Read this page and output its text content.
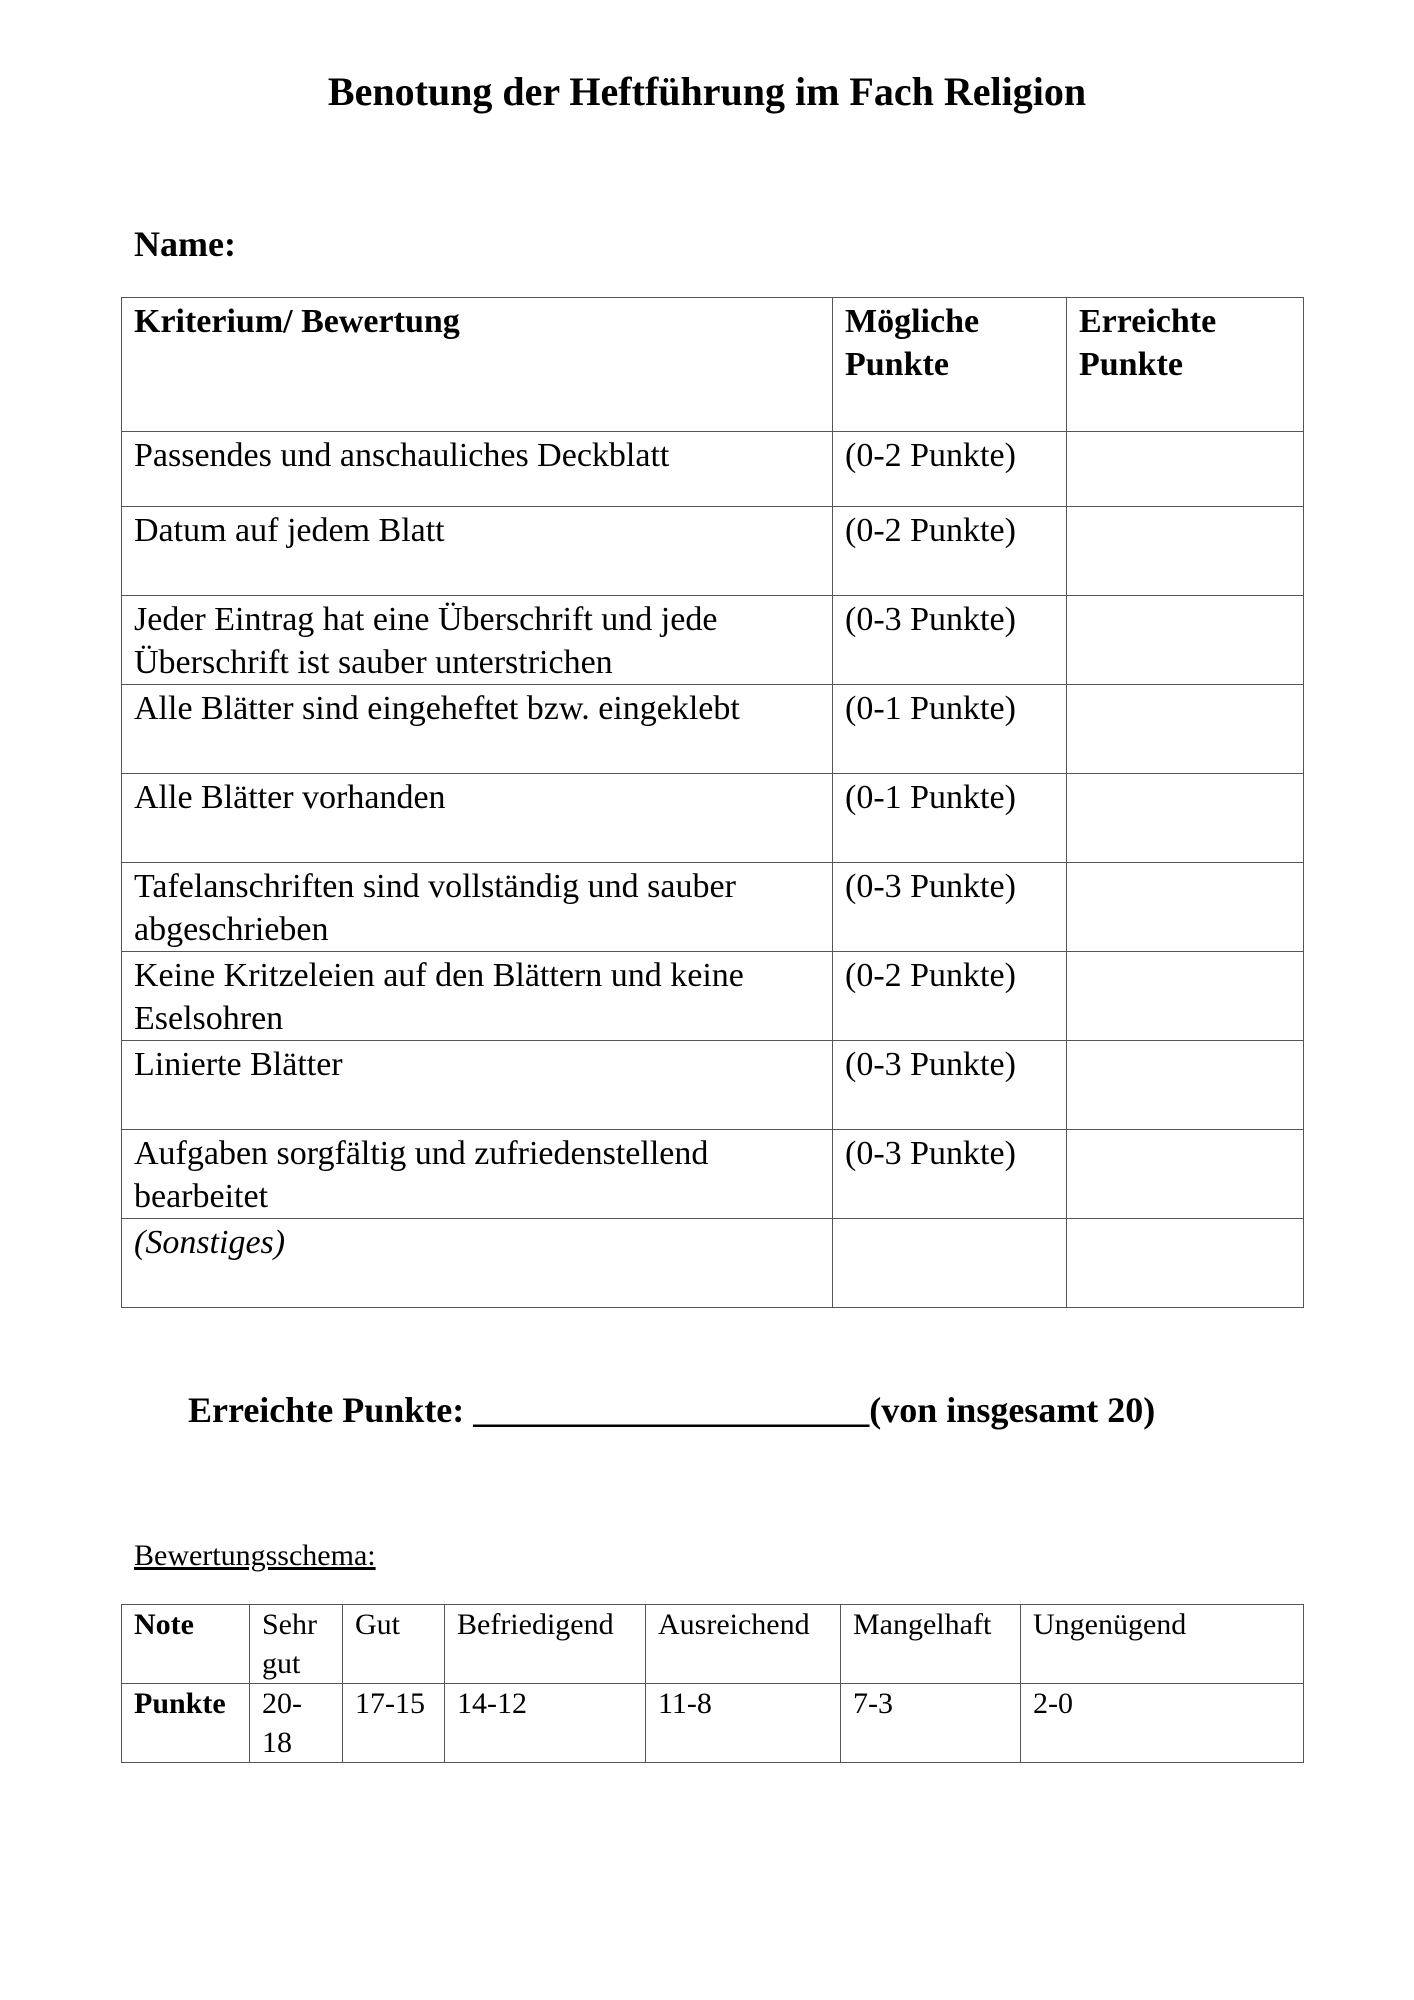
Benotung der Heftführung im Fach Religion
Name:
Kriterium/ Bewertung	Mögliche Punkte	Erreichte Punkte
Passendes und anschauliches Deckblatt	(0-2 Punkte)	
Datum auf jedem Blatt	(0-2 Punkte)	
Jeder Eintrag hat eine Überschrift und jede Überschrift ist sauber unterstrichen	(0-3 Punkte)	
Alle Blätter sind eingeheftet bzw. eingeklebt	(0-1 Punkte)	
Alle Blätter vorhanden	(0-1 Punkte)	
Tafelanschriften sind vollständig und sauber abgeschrieben	(0-3 Punkte)	
Keine Kritzeleien auf den Blättern und keine Eselsohren	(0-2 Punkte)	
Linierte Blätter	(0-3 Punkte)	
Aufgaben sorgfältig und zufriedenstellend bearbeitet	(0-3 Punkte)	
(Sonstiges)		
Erreichte Punkte: ______________________(von insgesamt 20)
Bewertungsschema:
Note	Sehr gut	Gut	Befriedigend	Ausreichend	Mangelhaft	Ungenügend
Punkte	20-18	17-15	14-12	11-8	7-3	2-0
